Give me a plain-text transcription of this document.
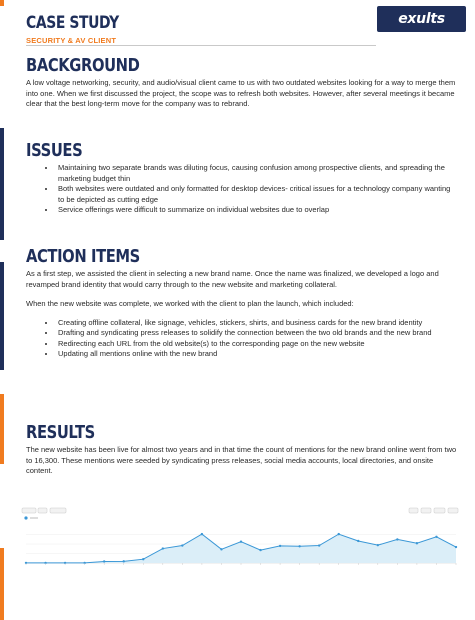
CASE STUDY
SECURITY & AV CLIENT
exults
BACKGROUND

A low voltage networking, security, and audio/visual client came to us with two outdated websites looking for a way to merge them into one. When we first discussed the project, the scope was to refresh both websites. However, after several meetings it became clear that the best long-term move for the company was to rebrand.

ISSUES
• Maintaining two separate brands was diluting focus, causing confusion among prospective clients, and spreading the marketing budget thin
• Both websites were outdated and only formatted for desktop devices- critical issues for a technology company wanting to be depicted as cutting edge
• Service offerings were difficult to summarize on individual websites due to overlap
ACTION ITEMS

As a first step, we assisted the client in selecting a new brand name. Once the name was finalized, we developed a logo and revamped brand identity that would carry through to the new website and marketing collateral.

When the new website was complete, we worked with the client to plan the launch, which included:

• Creating offline collateral, like signage, vehicles, stickers, shirts, and business cards for the new brand identity
• Drafting and syndicating press releases to solidify the connection between the two old brands and the new brand
• Redirecting each URL from the old website(s) to the corresponding page on the new website
• Updating all mentions online with the new brand
RESULTS

The new website has been live for almost two years and in that time the count of mentions for the new brand online went from two to 16,300. These mentions were seeded by syndicating press releases, social media accounts, local directories, and onsite content.
